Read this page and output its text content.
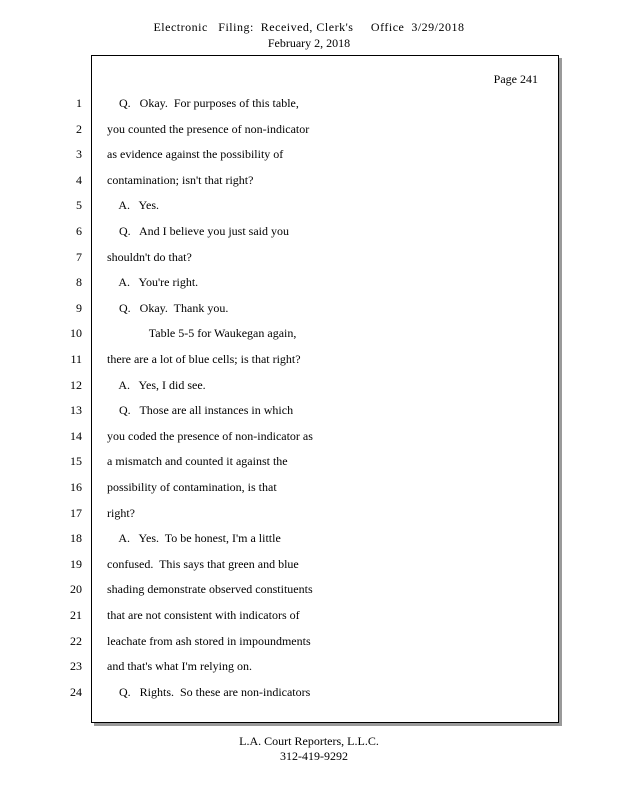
Electronic   Filing:  Received, Clerk's     Office  3/29/2018
February 2, 2018
Page 241
1 Q.   Okay.  For purposes of this table,
2 you counted the presence of non-indicator
3 as evidence against the possibility of
4 contamination; isn't that right?
5 A.   Yes.
6 Q.   And I believe you just said you
7 shouldn't do that?
8 A.   You're right.
9 Q.   Okay.  Thank you.
10 Table 5-5 for Waukegan again,
11 there are a lot of blue cells; is that right?
12 A.   Yes, I did see.
13 Q.   Those are all instances in which
14 you coded the presence of non-indicator as
15 a mismatch and counted it against the
16 possibility of contamination, is that
17 right?
18 A.   Yes.  To be honest, I'm a little
19 confused.  This says that green and blue
20 shading demonstrate observed constituents
21 that are not consistent with indicators of
22 leachate from ash stored in impoundments
23 and that's what I'm relying on.
24 Q.   Rights.  So these are non-indicators
L.A. Court Reporters, L.L.C.
312-419-9292
